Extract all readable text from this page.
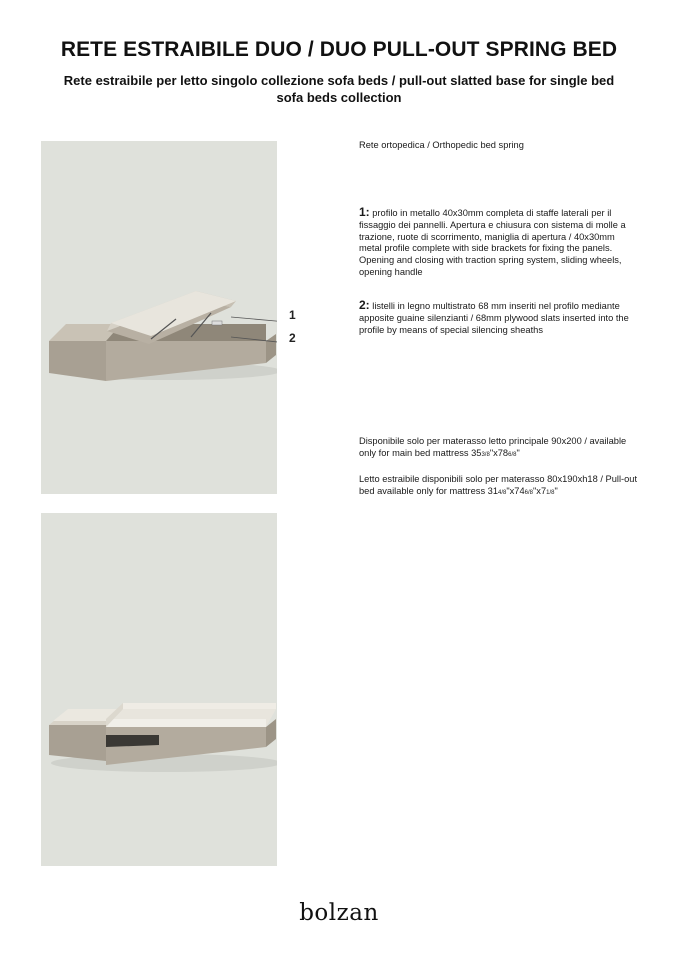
RETE ESTRAIBILE DUO / DUO PULL-OUT SPRING BED

Rete estraibile per letto singolo collezione sofa beds / pull-out slatted base for single bed sofa beds collection

1
2
Rete ortopedica / Orthopedic bed spring
1: profilo in metallo 40x30mm completa di staffe laterali per il fissaggio dei pannelli. Apertura e chiusura con sistema di molle a trazione, ruote di scorrimento, maniglia di apertura / 40x30mm metal profile complete with side brackets for fixing the panels. Opening and closing with traction spring system, sliding wheels, opening handle
2: listelli in legno multistrato 68 mm inseriti nel profilo mediante apposite guaine silenzianti / 68mm plywood slats inserted into the profile by means of special silencing sheaths
Disponibile solo per materasso letto principale 90x200 / available only for main bed mattress 353/8"x786/8"
Letto estraibile disponibili solo per materasso 80x190xh18 / Pull-out bed available only for mattress 314/8"x746/8"x71/8"
bolzan
